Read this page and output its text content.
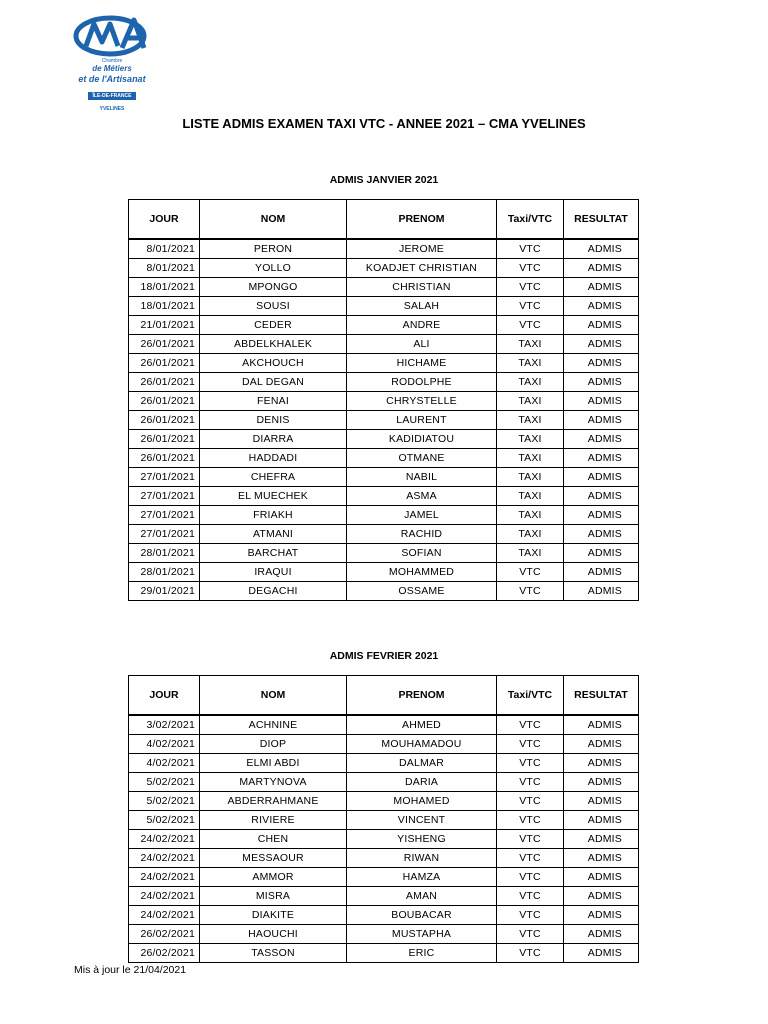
Chambre
de Métiers
et de l'Artisanat
ÎLE-DE-FRANCE
YVELINES
LISTE ADMIS EXAMEN TAXI VTC - ANNEE 2021 – CMA YVELINES
ADMIS JANVIER 2021
JOUR	NOM	PRENOM	Taxi/VTC	RESULTAT
8/01/2021	PERON	JEROME	VTC	ADMIS
8/01/2021	YOLLO	KOADJET CHRISTIAN	VTC	ADMIS
18/01/2021	MPONGO	CHRISTIAN	VTC	ADMIS
18/01/2021	SOUSI	SALAH	VTC	ADMIS
21/01/2021	CEDER	ANDRE	VTC	ADMIS
26/01/2021	ABDELKHALEK	ALI	TAXI	ADMIS
26/01/2021	AKCHOUCH	HICHAME	TAXI	ADMIS
26/01/2021	DAL DEGAN	RODOLPHE	TAXI	ADMIS
26/01/2021	FENAI	CHRYSTELLE	TAXI	ADMIS
26/01/2021	DENIS	LAURENT	TAXI	ADMIS
26/01/2021	DIARRA	KADIDIATOU	TAXI	ADMIS
26/01/2021	HADDADI	OTMANE	TAXI	ADMIS
27/01/2021	CHEFRA	NABIL	TAXI	ADMIS
27/01/2021	EL MUECHEK	ASMA	TAXI	ADMIS
27/01/2021	FRIAKH	JAMEL	TAXI	ADMIS
27/01/2021	ATMANI	RACHID	TAXI	ADMIS
28/01/2021	BARCHAT	SOFIAN	TAXI	ADMIS
28/01/2021	IRAQUI	MOHAMMED	VTC	ADMIS
29/01/2021	DEGACHI	OSSAME	VTC	ADMIS
ADMIS FEVRIER 2021
JOUR	NOM	PRENOM	Taxi/VTC	RESULTAT
3/02/2021	ACHNINE	AHMED	VTC	ADMIS
4/02/2021	DIOP	MOUHAMADOU	VTC	ADMIS
4/02/2021	ELMI ABDI	DALMAR	VTC	ADMIS
5/02/2021	MARTYNOVA	DARIA	VTC	ADMIS
5/02/2021	ABDERRAHMANE	MOHAMED	VTC	ADMIS
5/02/2021	RIVIERE	VINCENT	VTC	ADMIS
24/02/2021	CHEN	YISHENG	VTC	ADMIS
24/02/2021	MESSAOUR	RIWAN	VTC	ADMIS
24/02/2021	AMMOR	HAMZA	VTC	ADMIS
24/02/2021	MISRA	AMAN	VTC	ADMIS
24/02/2021	DIAKITE	BOUBACAR	VTC	ADMIS
26/02/2021	HAOUCHI	MUSTAPHA	VTC	ADMIS
26/02/2021	TASSON	ERIC	VTC	ADMIS
Mis à jour le 21/04/2021
